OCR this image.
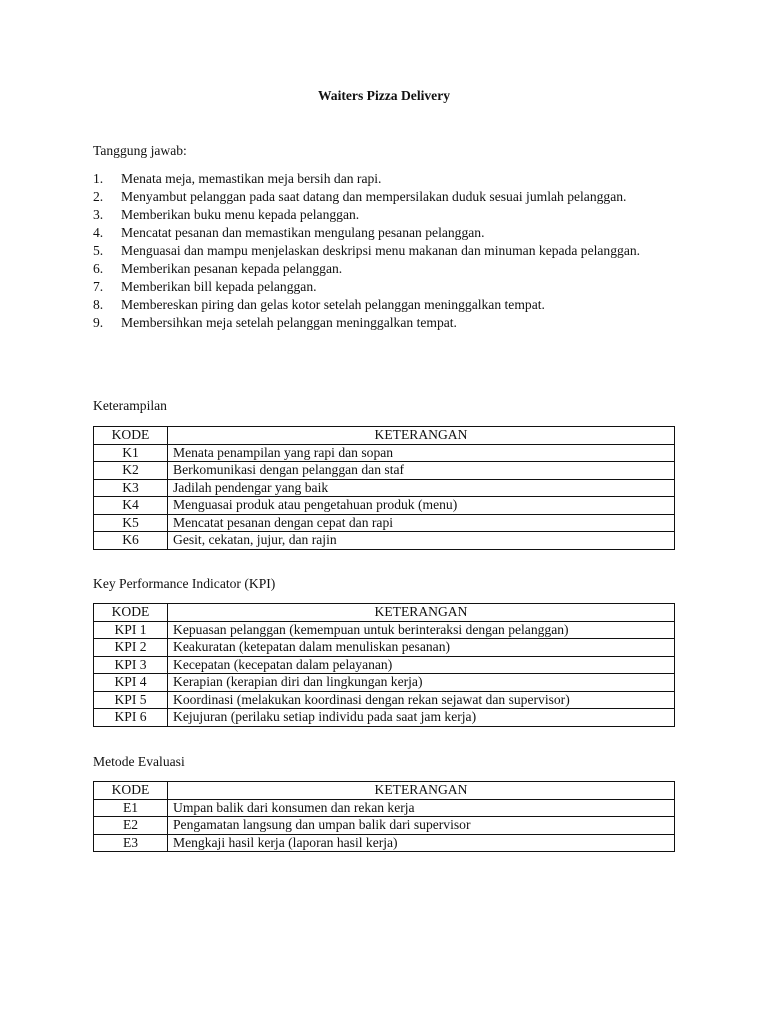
Waiters Pizza Delivery
Tanggung jawab:
1.	Menata meja, memastikan meja bersih dan rapi.
2.	Menyambut pelanggan pada saat datang dan mempersilakan duduk sesuai jumlah pelanggan.
3.	Memberikan buku menu kepada pelanggan.
4.	Mencatat pesanan dan memastikan mengulang pesanan pelanggan.
5.	Menguasai dan mampu menjelaskan deskripsi menu makanan dan minuman kepada pelanggan.
6.	Memberikan pesanan kepada pelanggan.
7.	Memberikan bill kepada pelanggan.
8.	Membereskan piring dan gelas kotor setelah pelanggan meninggalkan tempat.
9.	Membersihkan meja setelah pelanggan meninggalkan tempat.
Keterampilan
KODE	KETERANGAN
K1	Menata penampilan yang rapi dan sopan
K2	Berkomunikasi dengan pelanggan dan staf
K3	Jadilah pendengar yang baik
K4	Menguasai produk atau pengetahuan produk (menu)
K5	Mencatat pesanan dengan cepat dan rapi
K6	Gesit, cekatan, jujur, dan rajin
Key Performance Indicator (KPI)
KODE	KETERANGAN
KPI 1	Kepuasan pelanggan (kemempuan untuk berinteraksi dengan pelanggan)
KPI 2	Keakuratan (ketepatan dalam menuliskan pesanan)
KPI 3	Kecepatan (kecepatan dalam pelayanan)
KPI 4	Kerapian (kerapian diri dan lingkungan kerja)
KPI 5	Koordinasi (melakukan koordinasi dengan rekan sejawat dan supervisor)
KPI 6	Kejujuran (perilaku setiap individu pada saat jam kerja)
Metode Evaluasi
KODE	KETERANGAN
E1	Umpan balik dari konsumen dan rekan kerja
E2	Pengamatan langsung dan umpan balik dari supervisor
E3	Mengkaji hasil kerja (laporan hasil kerja)
